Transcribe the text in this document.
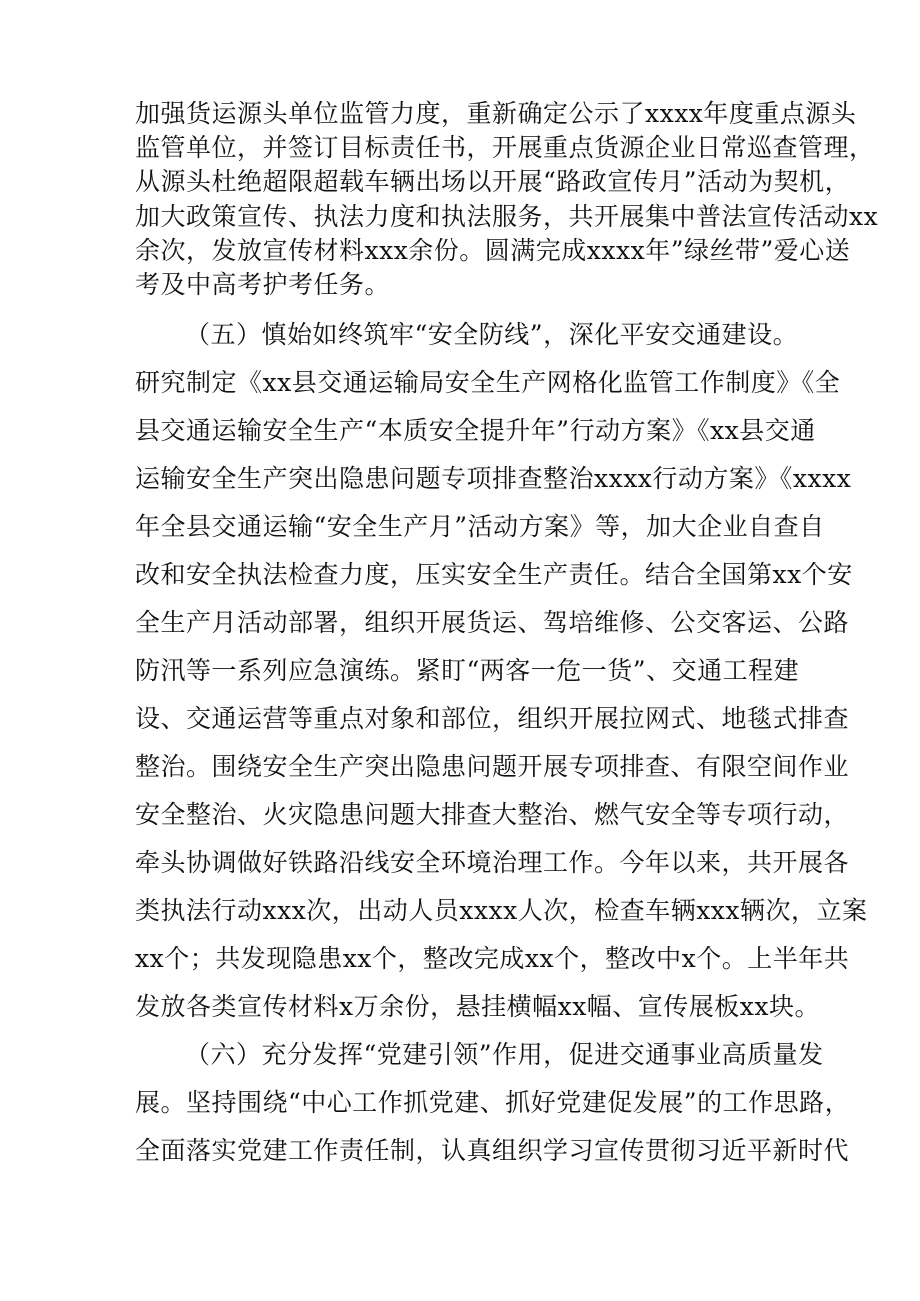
加强货运源头单位监管力度，重新确定公示了xxxx年度重点源头
监管单位，并签订目标责任书，开展重点货源企业日常巡查管理，
从源头杜绝超限超载车辆出场以开展“路政宣传月”活动为契机，
加大政策宣传、执法力度和执法服务，共开展集中普法宣传活动xx
余次，发放宣传材料xxx余份。圆满完成xxxx年”绿丝带”爱心送
考及中高考护考任务。
（五）慎始如终筑牢“安全防线”，深化平安交通建设。
研究制定《xx县交通运输局安全生产网格化监管工作制度》《全
县交通运输安全生产“本质安全提升年”行动方案》《xx县交通
运输安全生产突出隐患问题专项排查整治xxxx行动方案》《xxxx
年全县交通运输“安全生产月”活动方案》等，加大企业自查自
改和安全执法检查力度，压实安全生产责任。结合全国第xx个安
全生产月活动部署，组织开展货运、驾培维修、公交客运、公路
防汛等一系列应急演练。紧盯“两客一危一货”、交通工程建
设、交通运营等重点对象和部位，组织开展拉网式、地毯式排查
整治。围绕安全生产突出隐患问题开展专项排查、有限空间作业
安全整治、火灾隐患问题大排查大整治、燃气安全等专项行动，
牵头协调做好铁路沿线安全环境治理工作。今年以来，共开展各
类执法行动xxx次，出动人员xxxx人次，检查车辆xxx辆次，立案
xx个；共发现隐患xx个，整改完成xx个，整改中x个。上半年共
发放各类宣传材料x万余份，悬挂横幅xx幅、宣传展板xx块。
（六）充分发挥“党建引领”作用，促进交通事业高质量发
展。坚持围绕“中心工作抓党建、抓好党建促发展”的工作思路，
全面落实党建工作责任制，认真组织学习宣传贯彻习近平新时代
